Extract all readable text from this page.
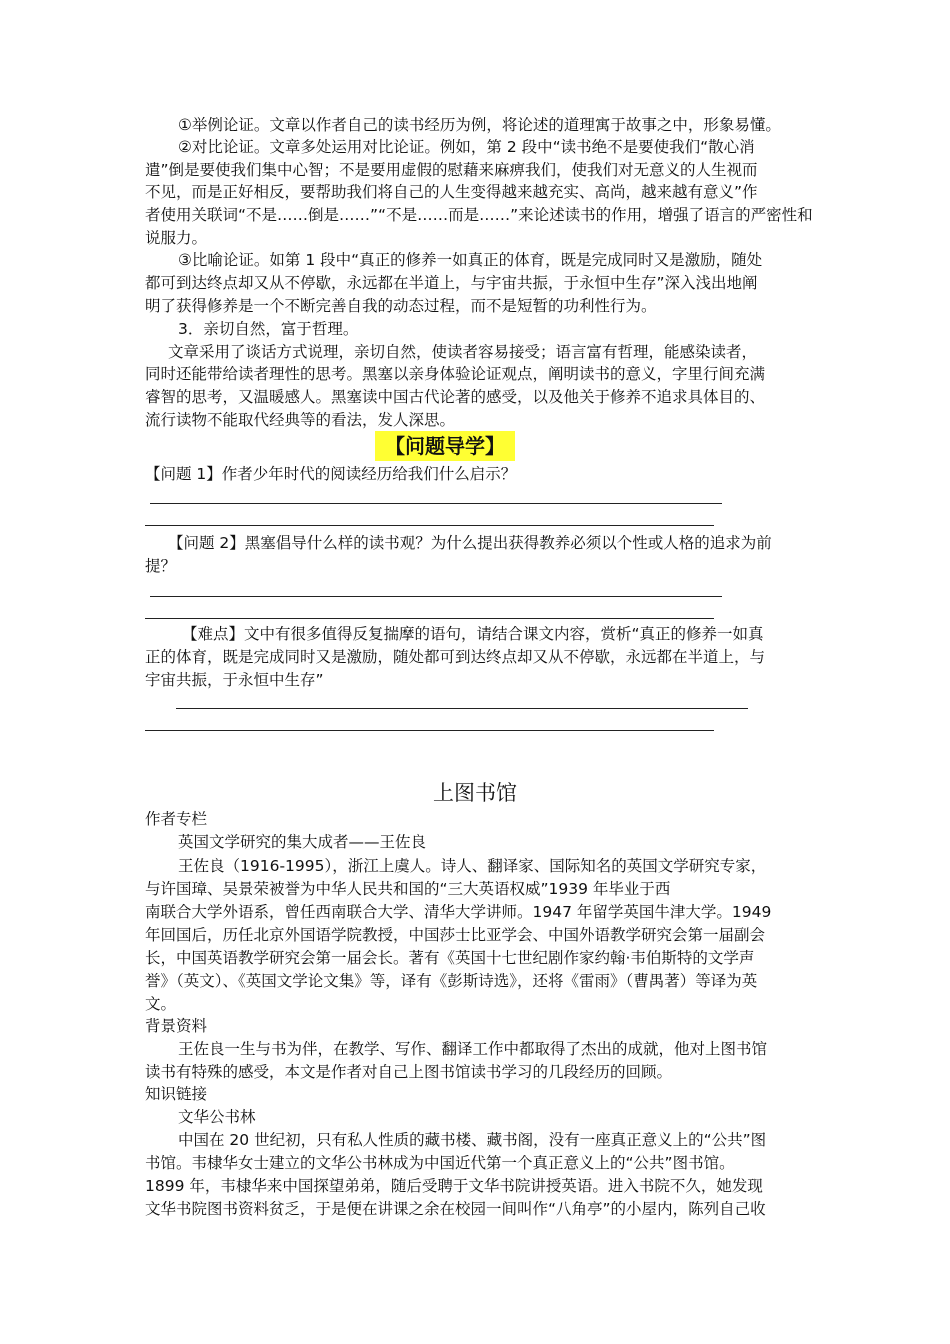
①举例论证。文章以作者自己的读书经历为例，将论述的道理寓于故事之中，形象易懂。
②对比论证。文章多处运用对比论证。例如，第 2 段中“读书绝不是要使我们“散心消
遣”倒是要使我们集中心智；不是要用虚假的慰藉来麻痹我们，使我们对无意义的人生视而
不见，而是正好相反，要帮助我们将自己的人生变得越来越充实、高尚，越来越有意义”作
者使用关联词“不是……倒是……”“不是……而是……”来论述读书的作用，增强了语言的严密性和
说服力。
③比喻论证。如第 1 段中“真正的修养一如真正的体育，既是完成同时又是激励，随处
都可到达终点却又从不停歇，永远都在半道上，与宇宙共振，于永恒中生存”深入浅出地阐
明了获得修养是一个不断完善自我的动态过程，而不是短暂的功利性行为。
3．亲切自然，富于哲理。
文章采用了谈话方式说理，亲切自然，使读者容易接受；语言富有哲理，能感染读者，
同时还能带给读者理性的思考。黑塞以亲身体验论证观点，阐明读书的意义，字里行间充满
睿智的思考，又温暖感人。黑塞读中国古代论著的感受，以及他关于修养不追求具体目的、
流行读物不能取代经典等的看法，发人深思。
【问题导学】
【问题 1】作者少年时代的阅读经历给我们什么启示？
【问题 2】黑塞倡导什么样的读书观？为什么提出获得教养必须以个性或人格的追求为前
提？
【难点】文中有很多值得反复揣摩的语句，请结合课文内容，赏析“真正的修养一如真
正的体育，既是完成同时又是激励，随处都可到达终点却又从不停歇，永远都在半道上，与
宇宙共振，于永恒中生存”
上图书馆
作者专栏
英国文学研究的集大成者——王佐良
王佐良（1916-1995），浙江上虞人。诗人、翻译家、国际知名的英国文学研究专家，
与许国璋、吴景荣被誉为中华人民共和国的“三大英语权威”1939 年毕业于西
南联合大学外语系，曾任西南联合大学、清华大学讲师。1947 年留学英国牛津大学。1949
年回国后，历任北京外国语学院教授，中国莎士比亚学会、中国外语教学研究会第一届副会
长，中国英语教学研究会第一届会长。著有《英国十七世纪剧作家约翰·韦伯斯特的文学声
誉》（英文）、《英国文学论文集》等，译有《彭斯诗选》，还将《雷雨》（曹禺著）等译为英
文。
背景资料
王佐良一生与书为伴，在教学、写作、翻译工作中都取得了杰出的成就，他对上图书馆
读书有特殊的感受，本文是作者对自己上图书馆读书学习的几段经历的回顾。
知识链接
文华公书林
中国在 20 世纪初，只有私人性质的藏书楼、藏书阁，没有一座真正意义上的“公共”图
书馆。韦棣华女士建立的文华公书林成为中国近代第一个真正意义上的“公共”图书馆。
1899 年，韦棣华来中国探望弟弟，随后受聘于文华书院讲授英语。进入书院不久，她发现
文华书院图书资料贫乏，于是便在讲课之余在校园一间叫作“八角亭”的小屋内，陈列自己收
